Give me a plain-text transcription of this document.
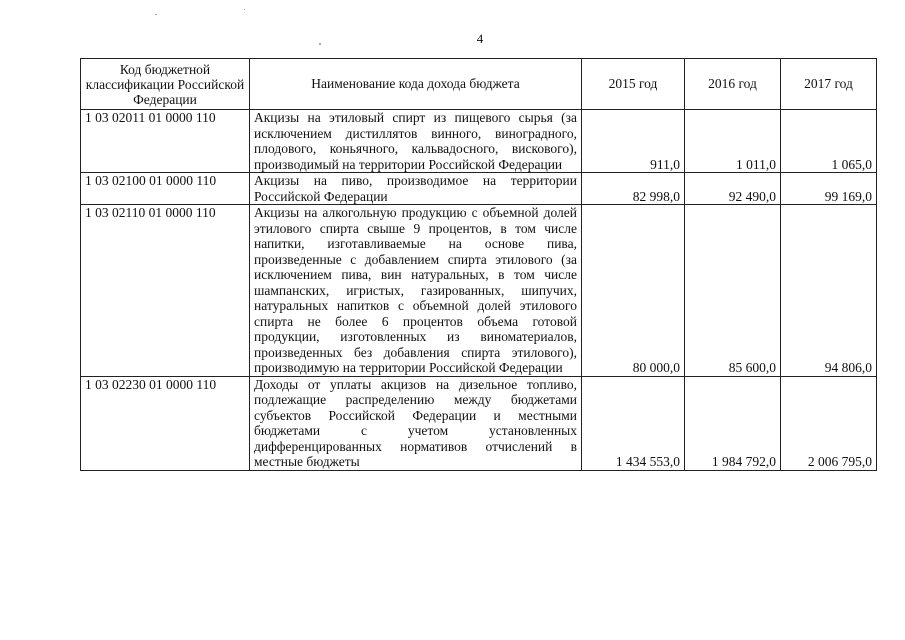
4
Код бюджетной классификации Российской Федерации	Наименование кода дохода бюджета	2015 год	2016 год	2017 год
1 03 02011 01 0000 110	Акцизы на этиловый спирт из пищевого сырья (за исключением дистиллятов винного, виноградного, плодового, коньячного, кальвадосного, вискового), производимый на территории Российской Федерации	911,0	1 011,0	1 065,0
1 03 02100 01 0000 110	Акцизы на пиво, производимое на территории Российской Федерации	82 998,0	92 490,0	99 169,0
1 03 02110 01 0000 110	Акцизы на алкогольную продукцию с объемной долей этилового спирта свыше 9 процентов, в том числе напитки, изготавливаемые на основе пива, произведенные с добавлением спирта этилового (за исключением пива, вин натуральных, в том числе шампанских, игристых, газированных, шипучих, натуральных напитков с объемной долей этилового спирта не более 6 процентов объема готовой продукции, изготовленных из виноматериалов, произведенных без добавления спирта этилового), производимую на территории Российской Федерации	80 000,0	85 600,0	94 806,0
1 03 02230 01 0000 110	Доходы от уплаты акцизов на дизельное топливо, подлежащие распределению между бюджетами субъектов Российской Федерации и местными бюджетами с учетом установленных дифференцированных нормативов отчислений в местные бюджеты	1 434 553,0	1 984 792,0	2 006 795,0
